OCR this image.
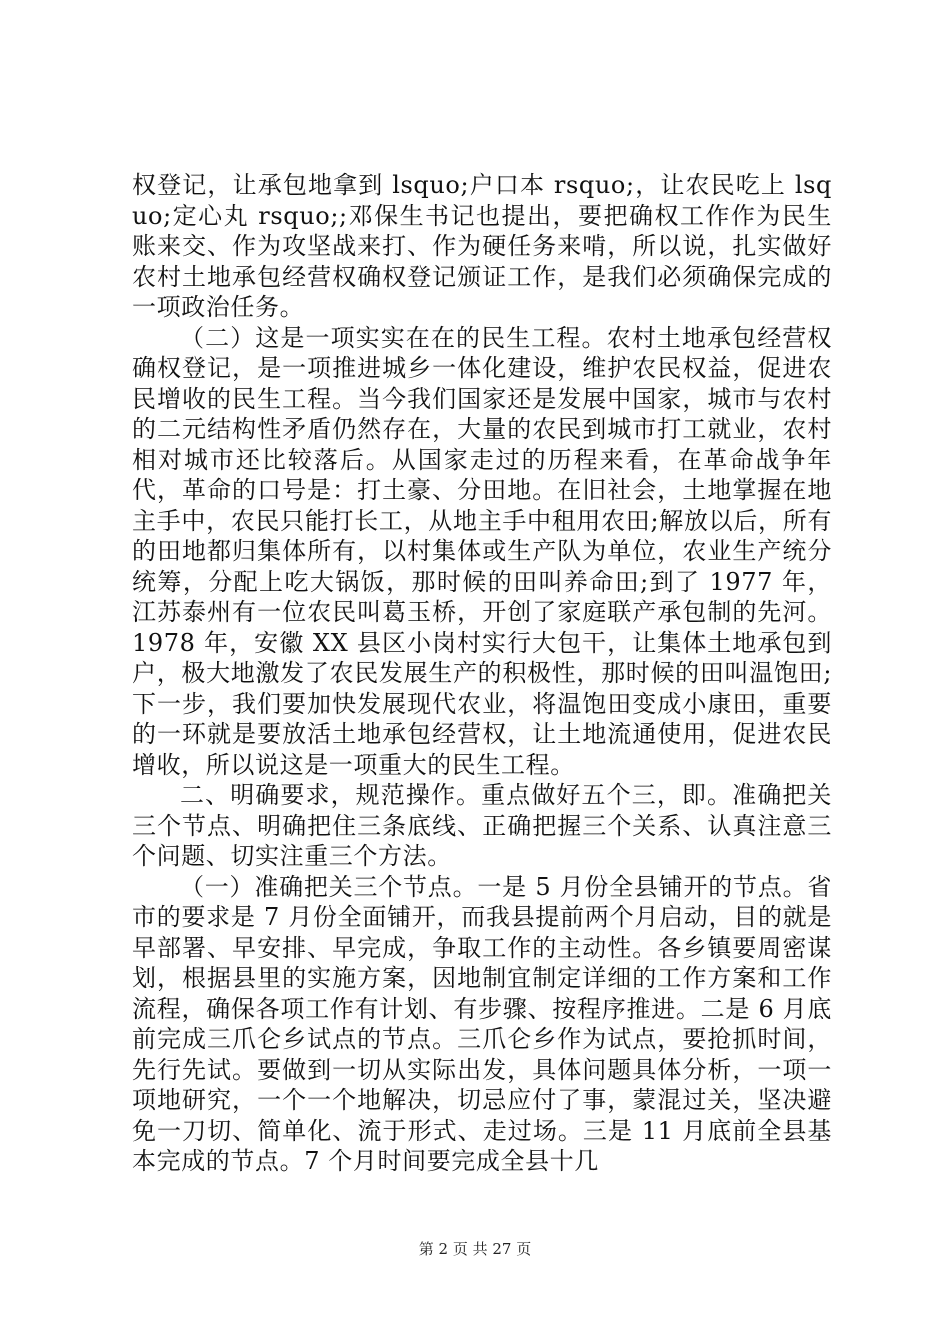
权登记，让承包地拿到 lsquo;户口本 rsquo;，让农民吃上 lsquo;定心丸 rsquo;;邓保生书记也提出，要把确权工作作为民生账来交、作为攻坚战来打、作为硬任务来啃，所以说，扎实做好农村土地承包经营权确权登记颁证工作，是我们必须确保完成的一项政治任务。

（二）这是一项实实在在的民生工程。农村土地承包经营权确权登记，是一项推进城乡一体化建设，维护农民权益，促进农民增收的民生工程。当今我们国家还是发展中国家，城市与农村的二元结构性矛盾仍然存在，大量的农民到城市打工就业，农村相对城市还比较落后。从国家走过的历程来看，在革命战争年代，革命的口号是：打土豪、分田地。在旧社会，土地掌握在地主手中，农民只能打长工，从地主手中租用农田;解放以后，所有的田地都归集体所有，以村集体或生产队为单位，农业生产统分统筹，分配上吃大锅饭，那时候的田叫养命田;到了 1977 年，江苏泰州有一位农民叫葛玉桥，开创了家庭联产承包制的先河。1978 年，安徽 XX 县区小岗村实行大包干，让集体土地承包到户，极大地激发了农民发展生产的积极性，那时候的田叫温饱田;下一步，我们要加快发展现代农业，将温饱田变成小康田，重要的一环就是要放活土地承包经营权，让土地流通使用，促进农民增收，所以说这是一项重大的民生工程。

二、明确要求，规范操作。重点做好五个三，即。准确把关三个节点、明确把住三条底线、正确把握三个关系、认真注意三个问题、切实注重三个方法。

（一）准确把关三个节点。一是 5 月份全县铺开的节点。省市的要求是 7 月份全面铺开，而我县提前两个月启动，目的就是早部署、早安排、早完成，争取工作的主动性。各乡镇要周密谋划，根据县里的实施方案，因地制宜制定详细的工作方案和工作流程，确保各项工作有计划、有步骤、按程序推进。二是 6 月底前完成三爪仑乡试点的节点。三爪仑乡作为试点，要抢抓时间，先行先试。要做到一切从实际出发，具体问题具体分析，一项一项地研究，一个一个地解决，切忌应付了事，蒙混过关，坚决避免一刀切、简单化、流于形式、走过场。三是 11 月底前全县基本完成的节点。7 个月时间要完成全县十几

第 2 页 共 27 页
